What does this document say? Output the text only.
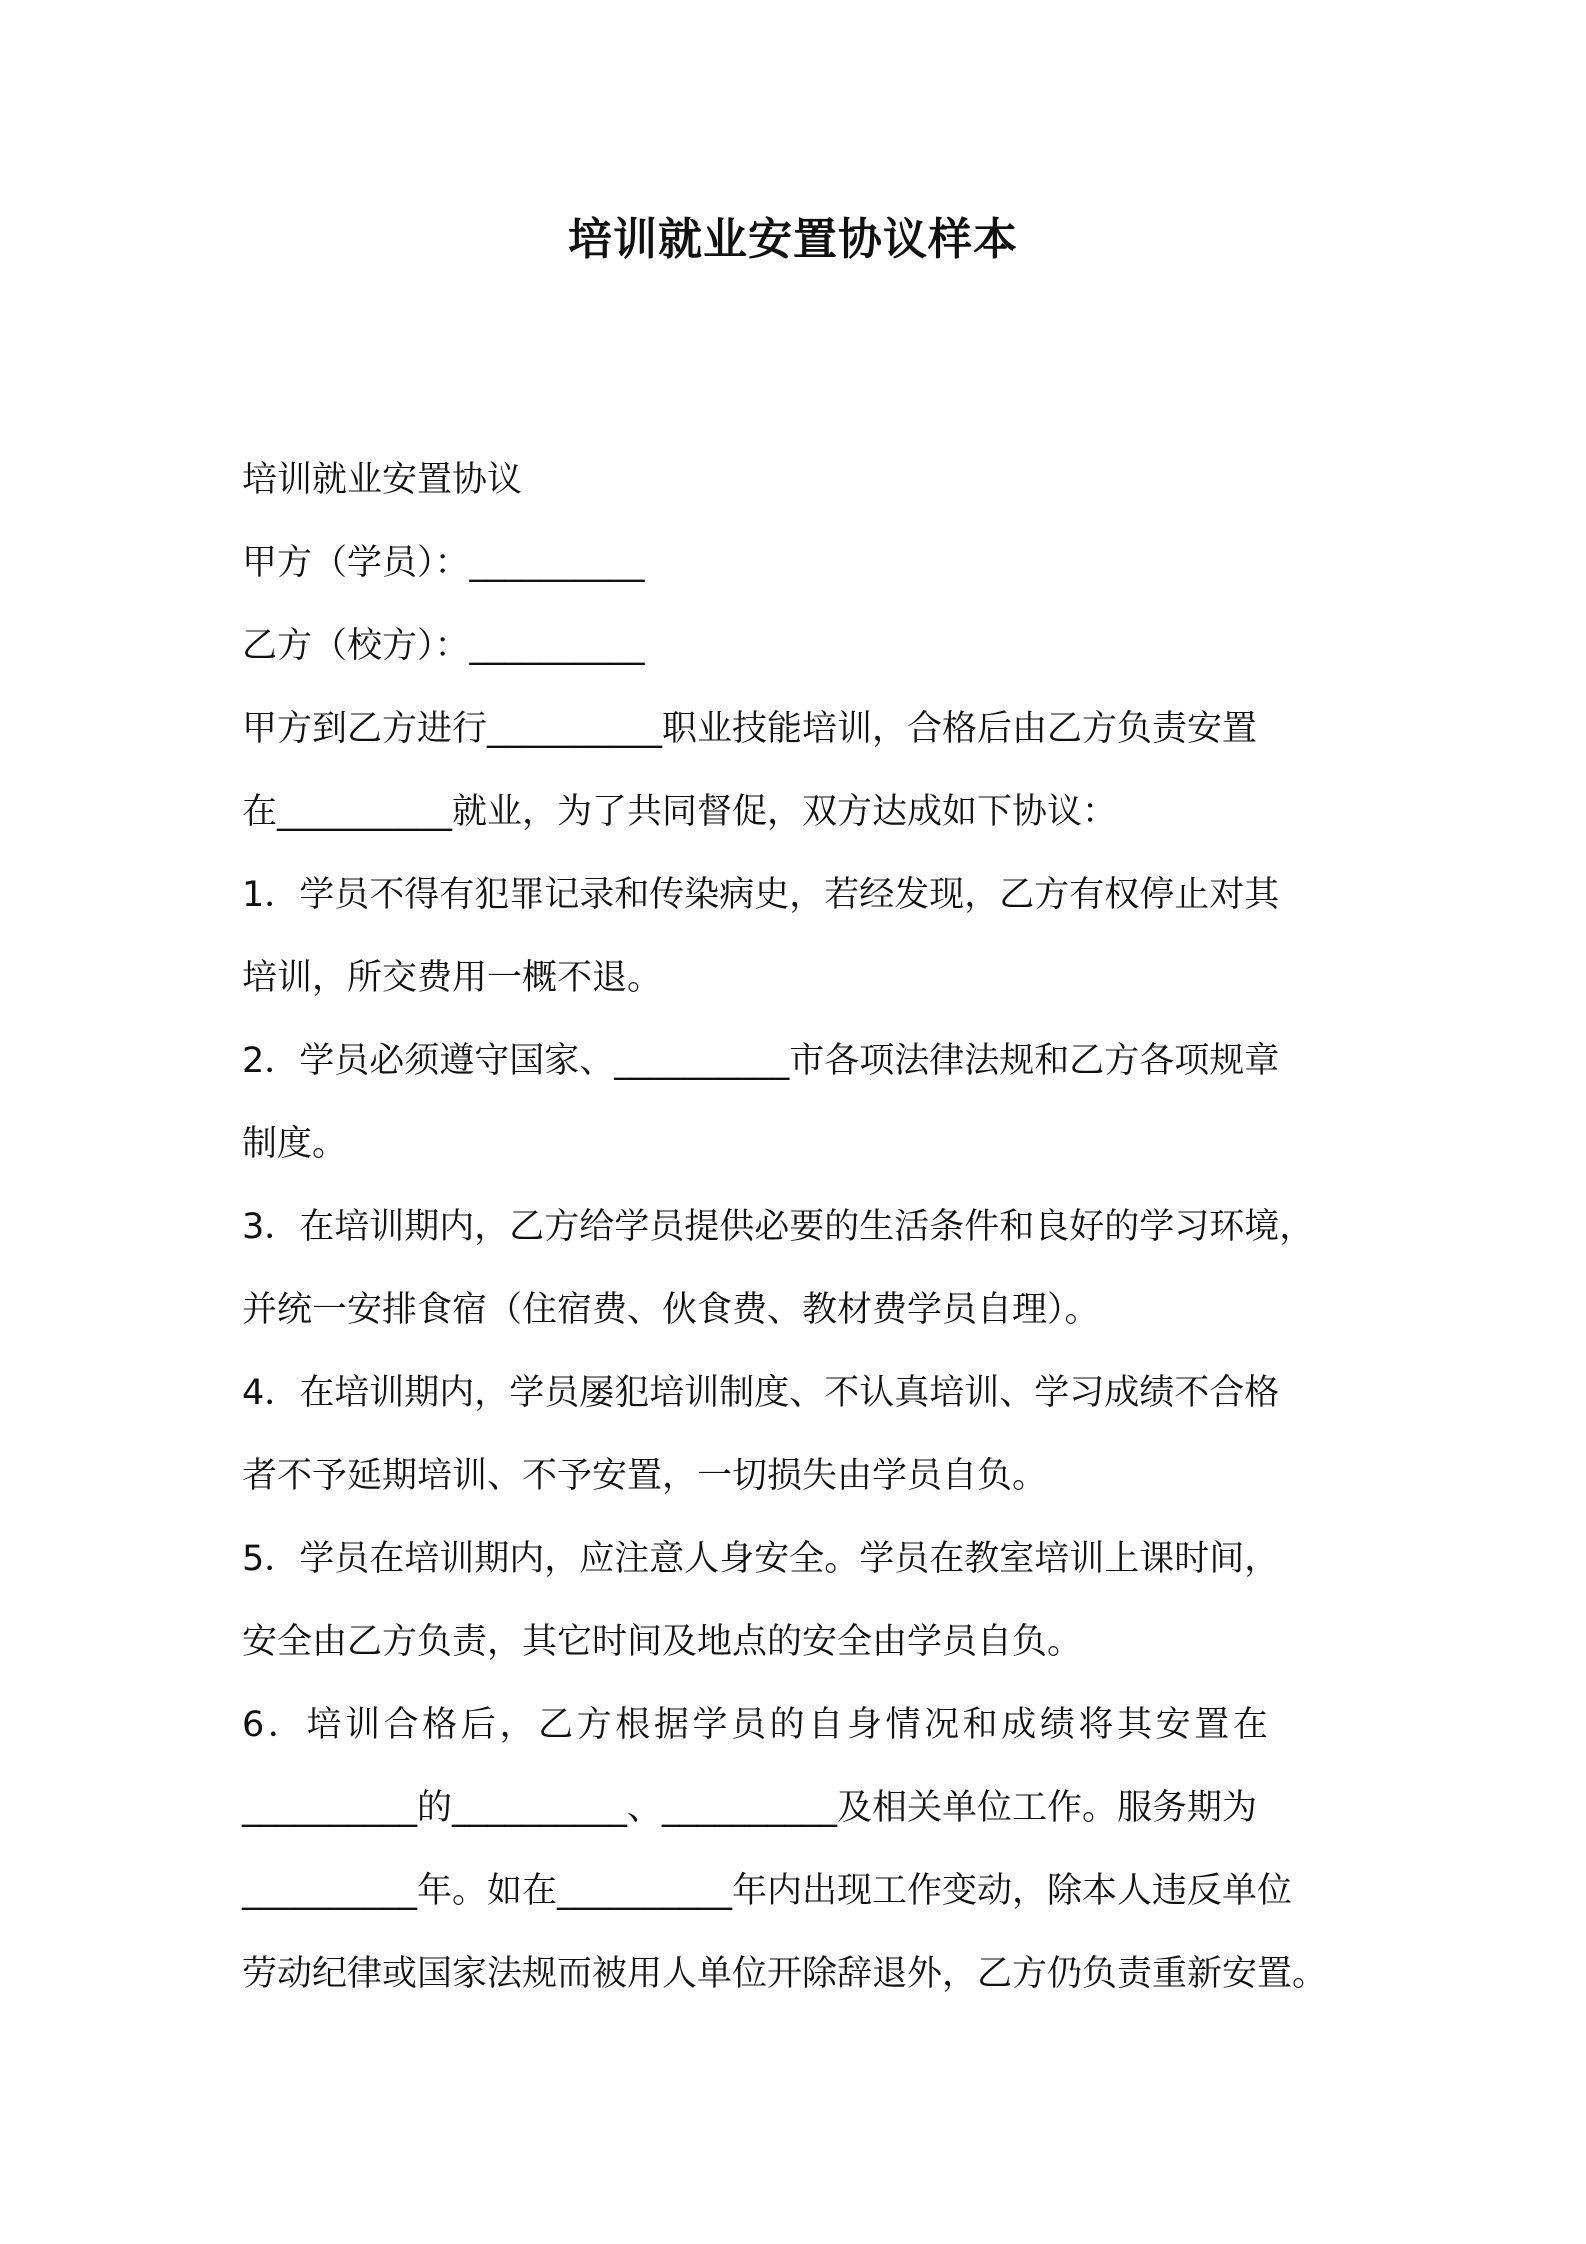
培训就业安置协议样本

培训就业安置协议

甲方（学员）：__________

乙方（校方）：__________

甲方到乙方进行__________职业技能培训，合格后由乙方负责安置

在__________就业，为了共同督促，双方达成如下协议：

1．学员不得有犯罪记录和传染病史，若经发现，乙方有权停止对其

培训，所交费用一概不退。

2．学员必须遵守国家、__________市各项法律法规和乙方各项规章

制度。

3．在培训期内，乙方给学员提供必要的生活条件和良好的学习环境，

并统一安排食宿（住宿费、伙食费、教材费学员自理）。

4．在培训期内，学员屡犯培训制度、不认真培训、学习成绩不合格

者不予延期培训、不予安置，一切损失由学员自负。

5．学员在培训期内，应注意人身安全。学员在教室培训上课时间，

安全由乙方负责，其它时间及地点的安全由学员自负。

6．培训合格后，乙方根据学员的自身情况和成绩将其安置在

__________的__________、__________及相关单位工作。服务期为

__________年。如在__________年内出现工作变动，除本人违反单位

劳动纪律或国家法规而被用人单位开除辞退外，乙方仍负责重新安置。
